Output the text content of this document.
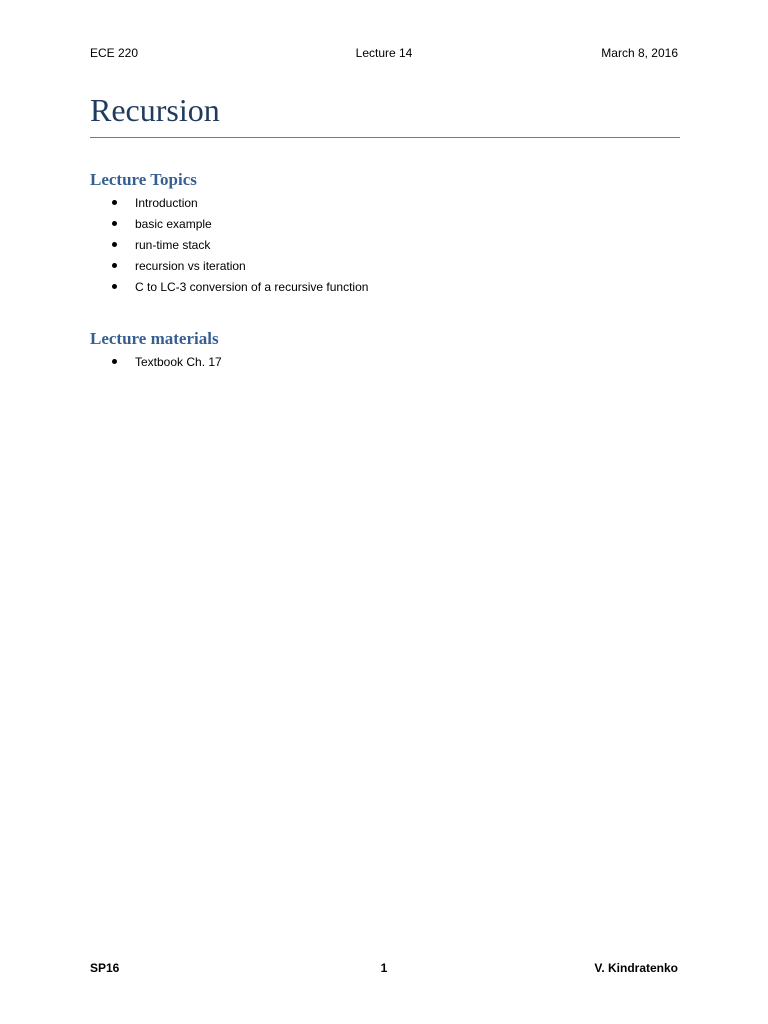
ECE 220	Lecture 14	March 8, 2016
Recursion
Lecture Topics
Introduction
basic example
run-time stack
recursion vs iteration
C to LC-3 conversion of a recursive function
Lecture materials
Textbook Ch. 17
SP16	1	V. Kindratenko
